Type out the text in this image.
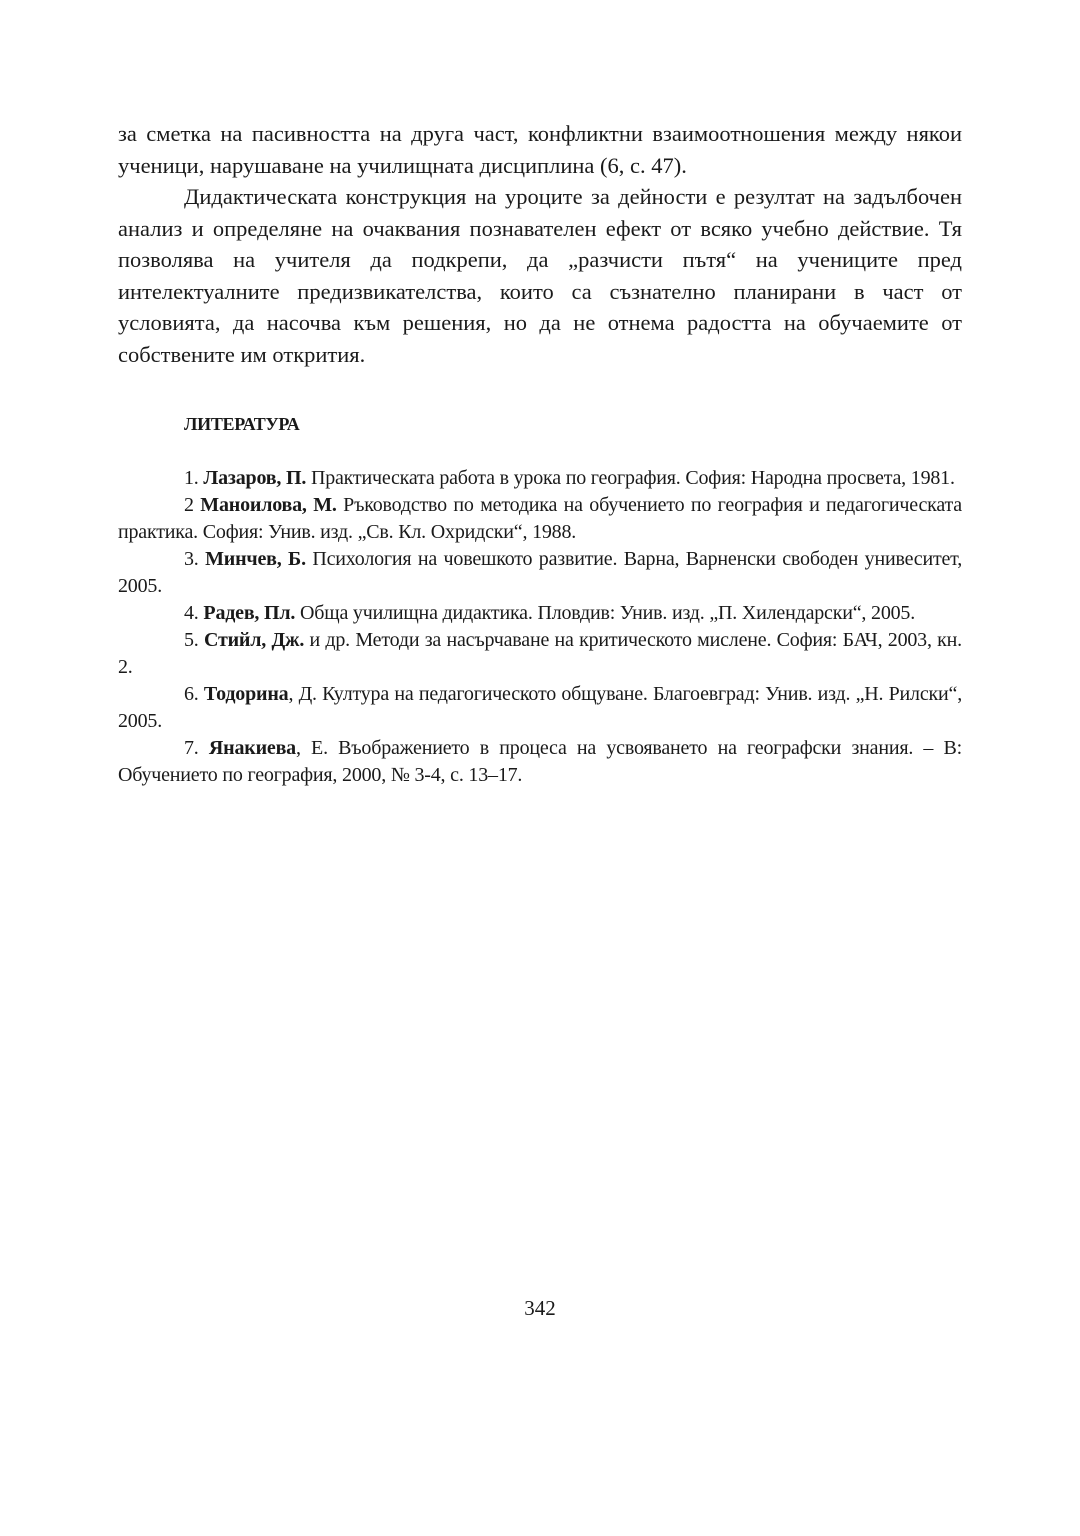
за сметка на пасивността на друга част, конфликтни взаимоотношения между някои ученици, нарушаване на училищната дисциплина (6, с. 47).

Дидактическата конструкция на уроците за дейности е резултат на задълбочен анализ и определяне на очаквания познавателен ефект от всяко учебно действие. Тя позволява на учителя да подкрепи, да „разчисти пътя“ на учениците пред интелектуалните предизвикателства, които са съзнателно планирани в част от условията, да насочва към решения, но да не отнема радостта на обучаемите от собствените им открития.

ЛИТЕРАТУРА

1. Лазаров, П. Практическата работа в урока по география. София: Народна просвета, 1981.

2 Маноилова, М. Ръководство по методика на обучението по география и педагогическата практика. София: Унив. изд. „Св. Кл. Охридски“, 1988.

3. Минчев, Б. Психология на човешкото развитие. Варна, Варненски свободен унивеситет, 2005.

4. Радев, Пл. Обща училищна дидактика. Пловдив: Унив. изд. „П. Хилендарски“, 2005.

5. Стийл, Дж. и др. Методи за насърчаване на критическото мислене. София: БАЧ, 2003, кн. 2.

6. Тодорина, Д. Култура на педагогическото общуване. Благоевград: Унив. изд. „Н. Рилски“, 2005.

7. Янакиева, Е. Въображението в процеса на усвояването на географски знания. – В: Обучението по география, 2000, № 3-4, с. 13–17.

342
